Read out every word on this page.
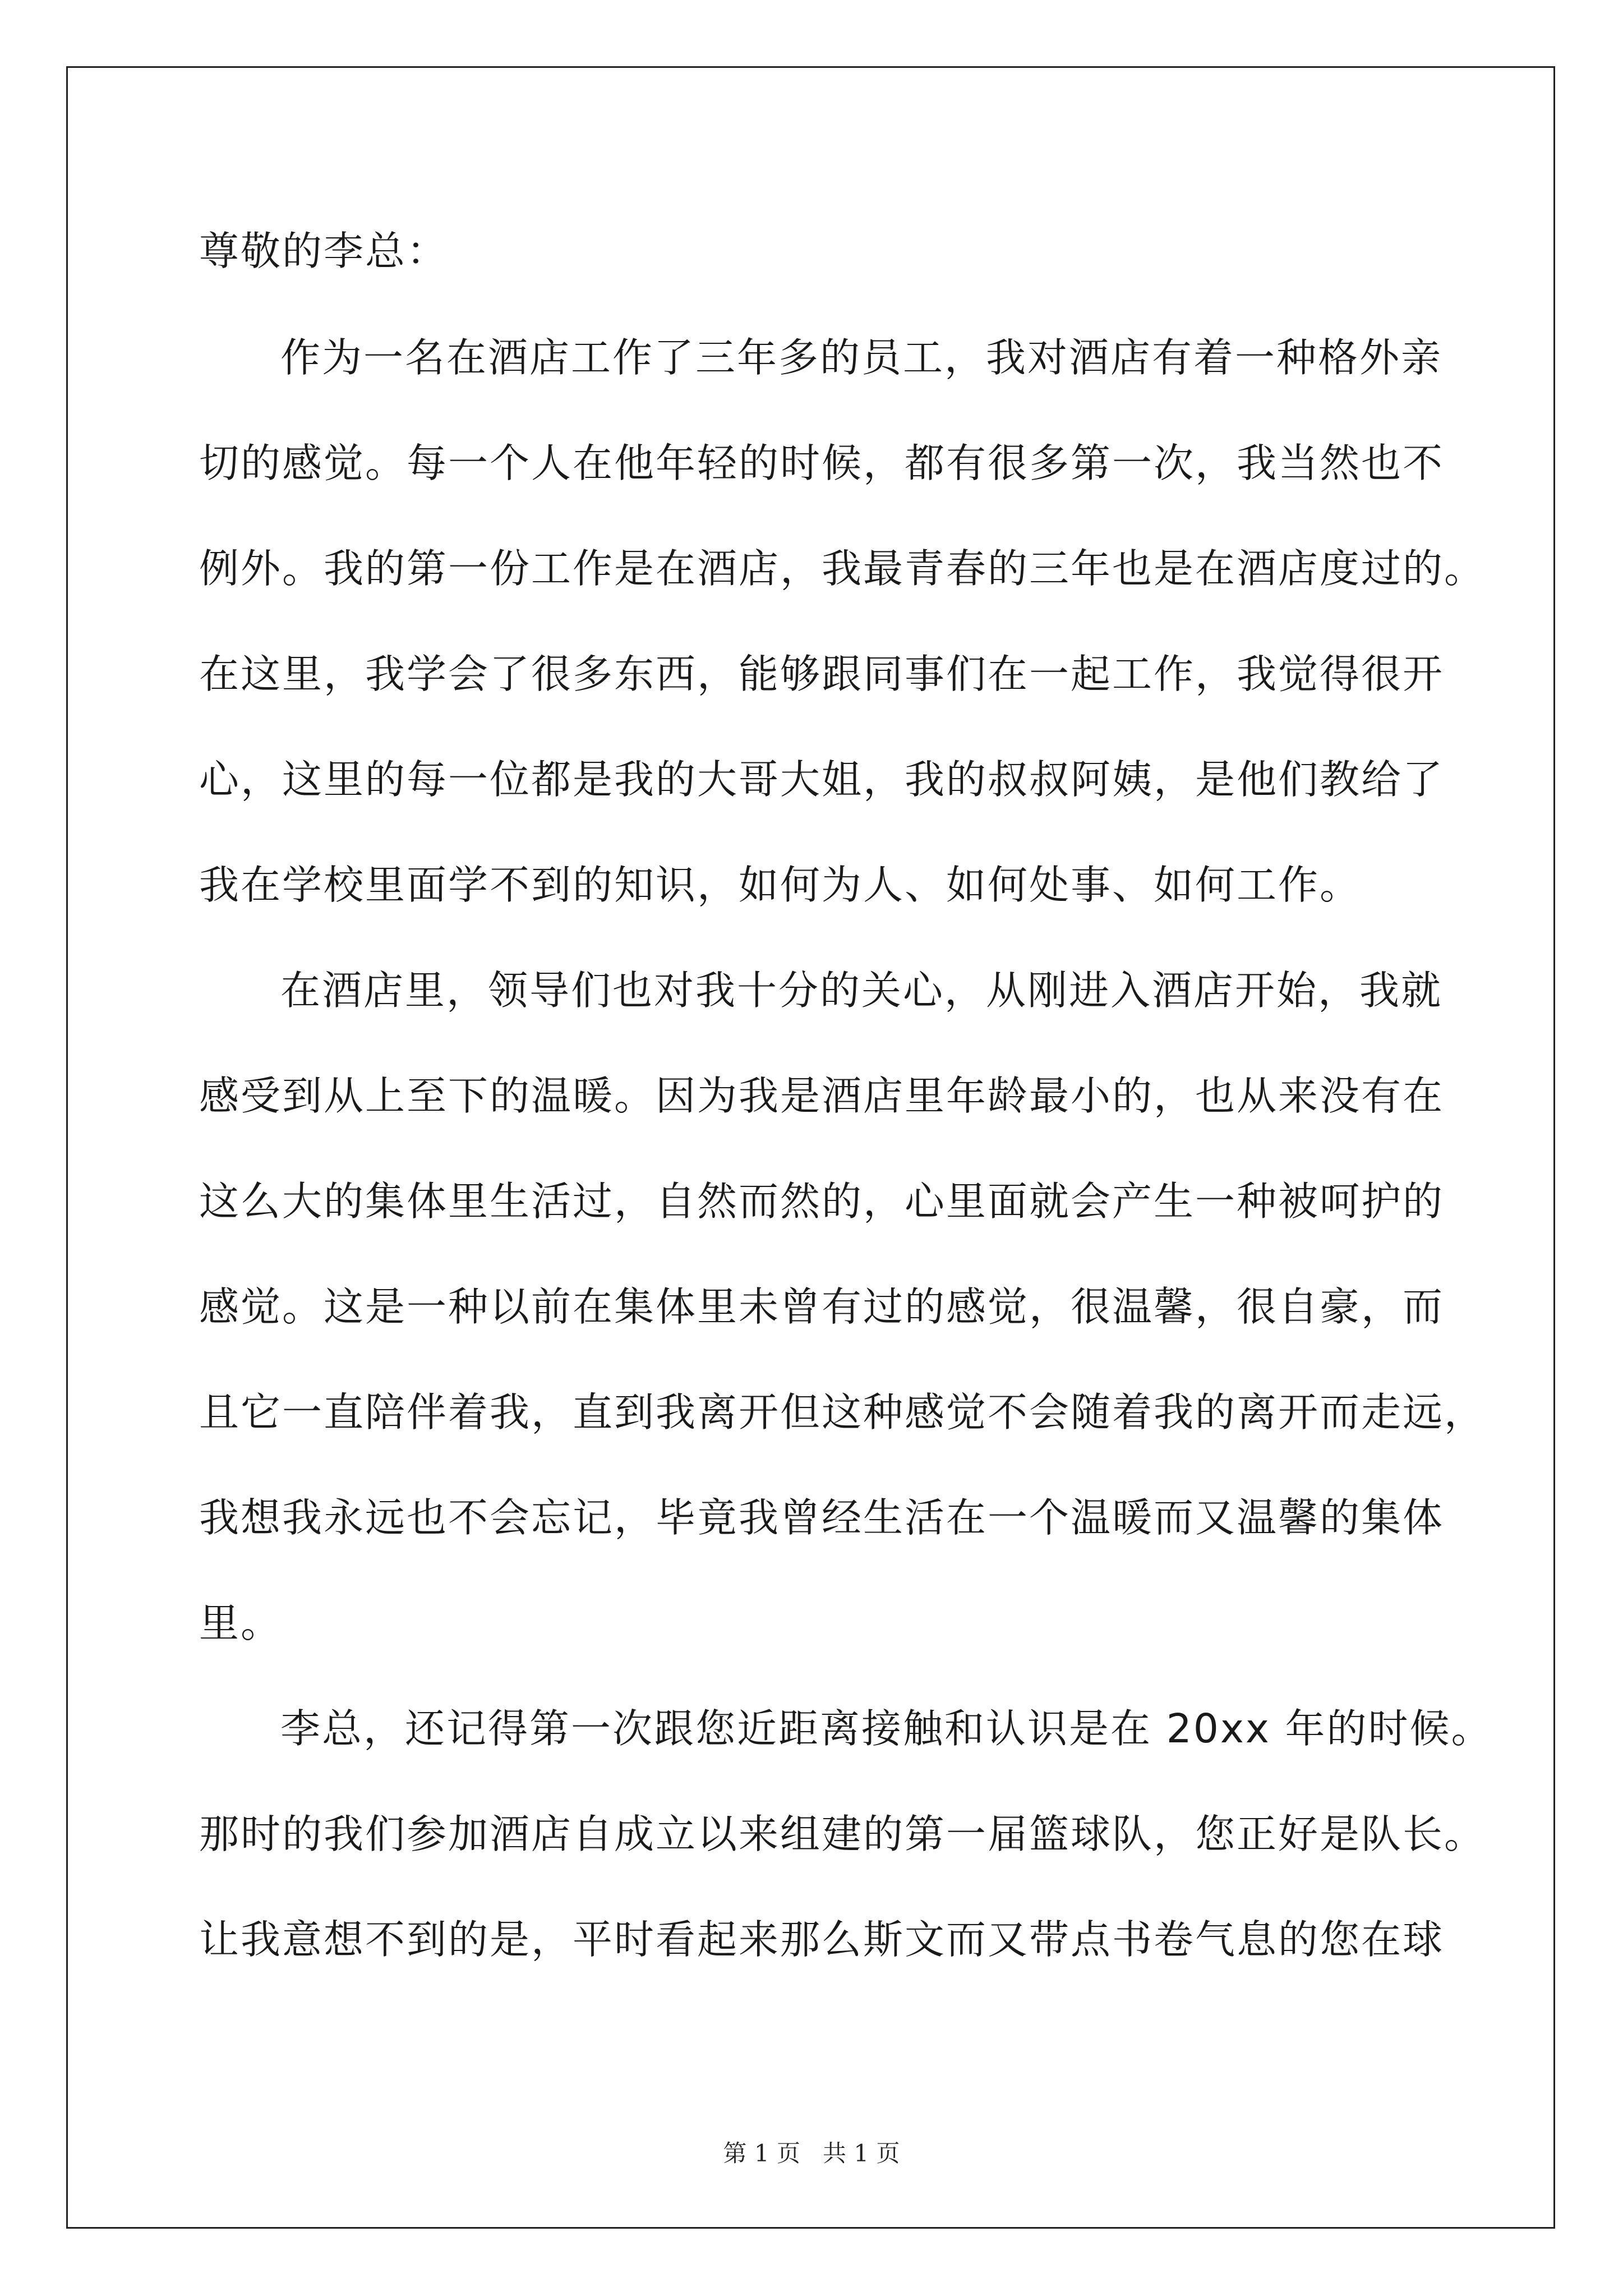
尊敬的李总：
作为一名在酒店工作了三年多的员工，我对酒店有着一种格外亲
切的感觉。每一个人在他年轻的时候，都有很多第一次，我当然也不
例外。我的第一份工作是在酒店，我最青春的三年也是在酒店度过的。
在这里，我学会了很多东西，能够跟同事们在一起工作，我觉得很开
心，这里的每一位都是我的大哥大姐，我的叔叔阿姨，是他们教给了
我在学校里面学不到的知识，如何为人、如何处事、如何工作。
在酒店里，领导们也对我十分的关心，从刚进入酒店开始，我就
感受到从上至下的温暖。因为我是酒店里年龄最小的，也从来没有在
这么大的集体里生活过，自然而然的，心里面就会产生一种被呵护的
感觉。这是一种以前在集体里未曾有过的感觉，很温馨，很自豪，而
且它一直陪伴着我，直到我离开但这种感觉不会随着我的离开而走远，
我想我永远也不会忘记，毕竟我曾经生活在一个温暖而又温馨的集体
里。
李总，还记得第一次跟您近距离接触和认识是在 20xx 年的时候。
那时的我们参加酒店自成立以来组建的第一届篮球队，您正好是队长。
让我意想不到的是，平时看起来那么斯文而又带点书卷气息的您在球
第 1 页   共 1 页
